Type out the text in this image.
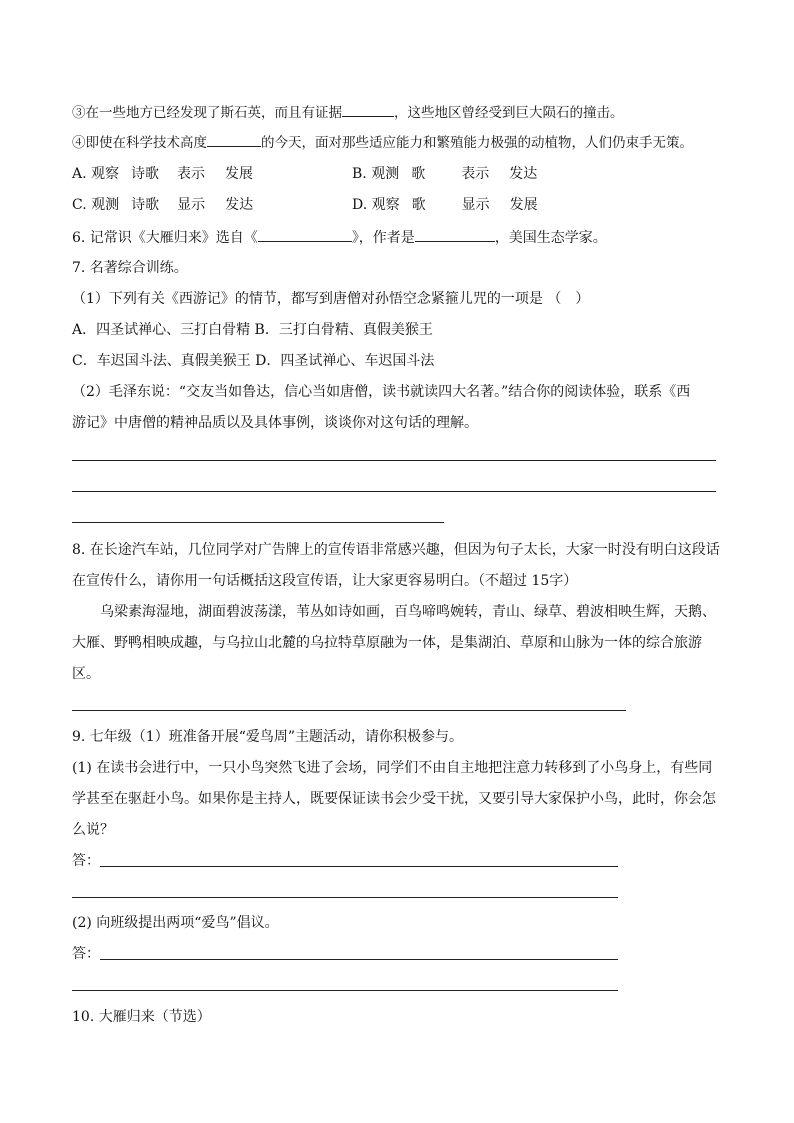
③在一些地方已经发现了斯石英，而且有证据	，这些地区曾经受到巨大陨石的撞击。
④即使在科学技术高度	的今天，面对那些适应能力和繁殖能力极强的动植物，人们仍束手无策。
A. 观察 诗歌 表示 发展	B. 观测 歌	表示 发达
C. 观测 诗歌 显示 发达	D. 观察 歌	显示 发展
6. 记常识《大雁归来》选自《	》，作者是	，美国生态学家。
7. 名著综合训练。
（1）下列有关《西游记》的情节，都写到唐僧对孙悟空念紧箍儿咒的一项是 （　）
A．四圣试禅心、三打白骨精 B．三打白骨精、真假美猴王
C．车迟国斗法、真假美猴王 D．四圣试禅心、车迟国斗法
（2）毛泽东说：“交友当如鲁达，信心当如唐僧，读书就读四大名著。”结合你的阅读体验，联系《西
游记》中唐僧的精神品质以及具体事例，谈谈你对这句话的理解。
8. 在长途汽车站，几位同学对广告牌上的宣传语非常感兴趣，但因为句子太长，大家一时没有明白这段话
在宣传什么，请你用一句话概括这段宣传语，让大家更容易明白。（不超过 15字）
乌梁素海湿地，湖面碧波荡漾，苇丛如诗如画，百鸟啼鸣婉转，青山、绿草、碧波相映生辉，天鹅、
大雁、野鸭相映成趣，与乌拉山北麓的乌拉特草原融为一体，是集湖泊、草原和山脉为一体的综合旅游
区。
9. 七年级（1）班准备开展“爱鸟周”主题活动，请你积极参与。
(1) 在读书会进行中，一只小鸟突然飞进了会场，同学们不由自主地把注意力转移到了小鸟身上，有些同
学甚至在驱赶小鸟。如果你是主持人，既要保证读书会少受干扰，又要引导大家保护小鸟，此时，你会怎
么说？
答：
(2) 向班级提出两项“爱鸟”倡议。
答：
10. 大雁归来（节选）
